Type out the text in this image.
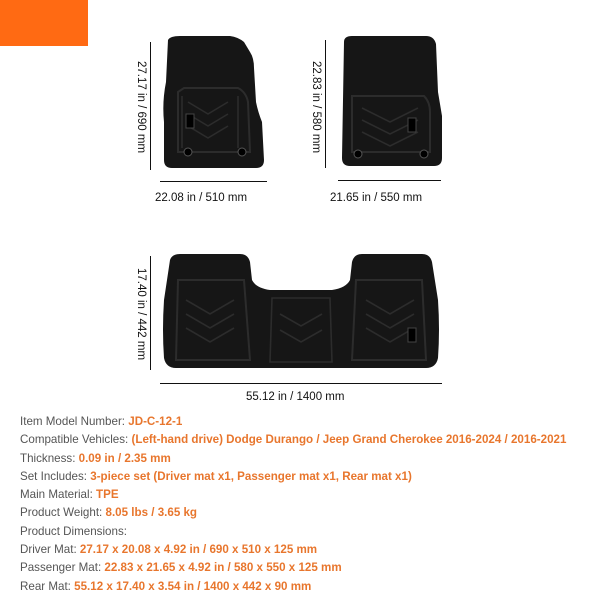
27.17 in / 690 mm
22.08 in / 510 mm
22.83 in / 580 mm
21.65 in / 550 mm
17.40 in / 442 mm
55.12 in / 1400 mm
Item Model Number: JD-C-12-1
Compatible Vehicles: (Left-hand drive) Dodge Durango / Jeep Grand Cherokee 2016-2024 / 2016-2021
Thickness: 0.09 in / 2.35 mm
Set Includes: 3-piece set (Driver mat x1, Passenger mat x1, Rear mat x1)
Main Material: TPE
Product Weight: 8.05 lbs / 3.65 kg
Product Dimensions:
Driver Mat: 27.17 x 20.08 x 4.92 in / 690 x 510 x 125 mm
Passenger Mat: 22.83 x 21.65 x 4.92 in / 580 x 550 x 125 mm
Rear Mat: 55.12 x 17.40 x 3.54 in / 1400 x 442 x 90 mm
